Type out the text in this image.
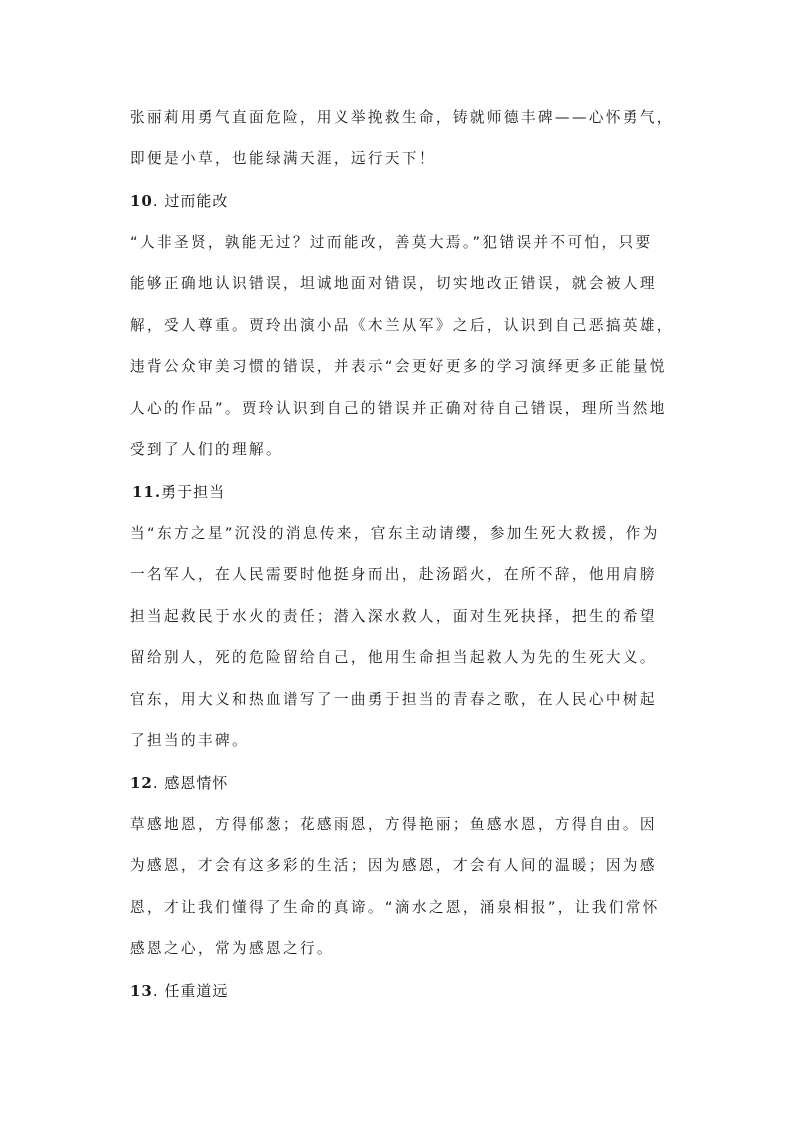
张丽莉用勇气直面危险，用义举挽救生命，铸就师德丰碑——心怀勇气，
即便是小草，也能绿满天涯，远行天下！
10. 过而能改
“人非圣贤，孰能无过？过而能改，善莫大焉。”犯错误并不可怕，只要
能够正确地认识错误，坦诚地面对错误，切实地改正错误，就会被人理
解，受人尊重。贾玲出演小品《木兰从军》之后，认识到自己恶搞英雄，
违背公众审美习惯的错误，并表示“会更好更多的学习演绎更多正能量悦
人心的作品”。贾玲认识到自己的错误并正确对待自己错误，理所当然地
受到了人们的理解。
11.勇于担当
当“东方之星”沉没的消息传来，官东主动请缨，参加生死大救援，作为
一名军人，在人民需要时他挺身而出，赴汤蹈火，在所不辞，他用肩膀
担当起救民于水火的责任；潜入深水救人，面对生死抉择，把生的希望
留给别人，死的危险留给自己，他用生命担当起救人为先的生死大义。
官东，用大义和热血谱写了一曲勇于担当的青春之歌，在人民心中树起
了担当的丰碑。
12. 感恩情怀
草感地恩，方得郁葱；花感雨恩，方得艳丽；鱼感水恩，方得自由。因
为感恩，才会有这多彩的生活；因为感恩，才会有人间的温暖；因为感
恩，才让我们懂得了生命的真谛。“滴水之恩，涌泉相报”，让我们常怀
感恩之心，常为感恩之行。
13. 任重道远
